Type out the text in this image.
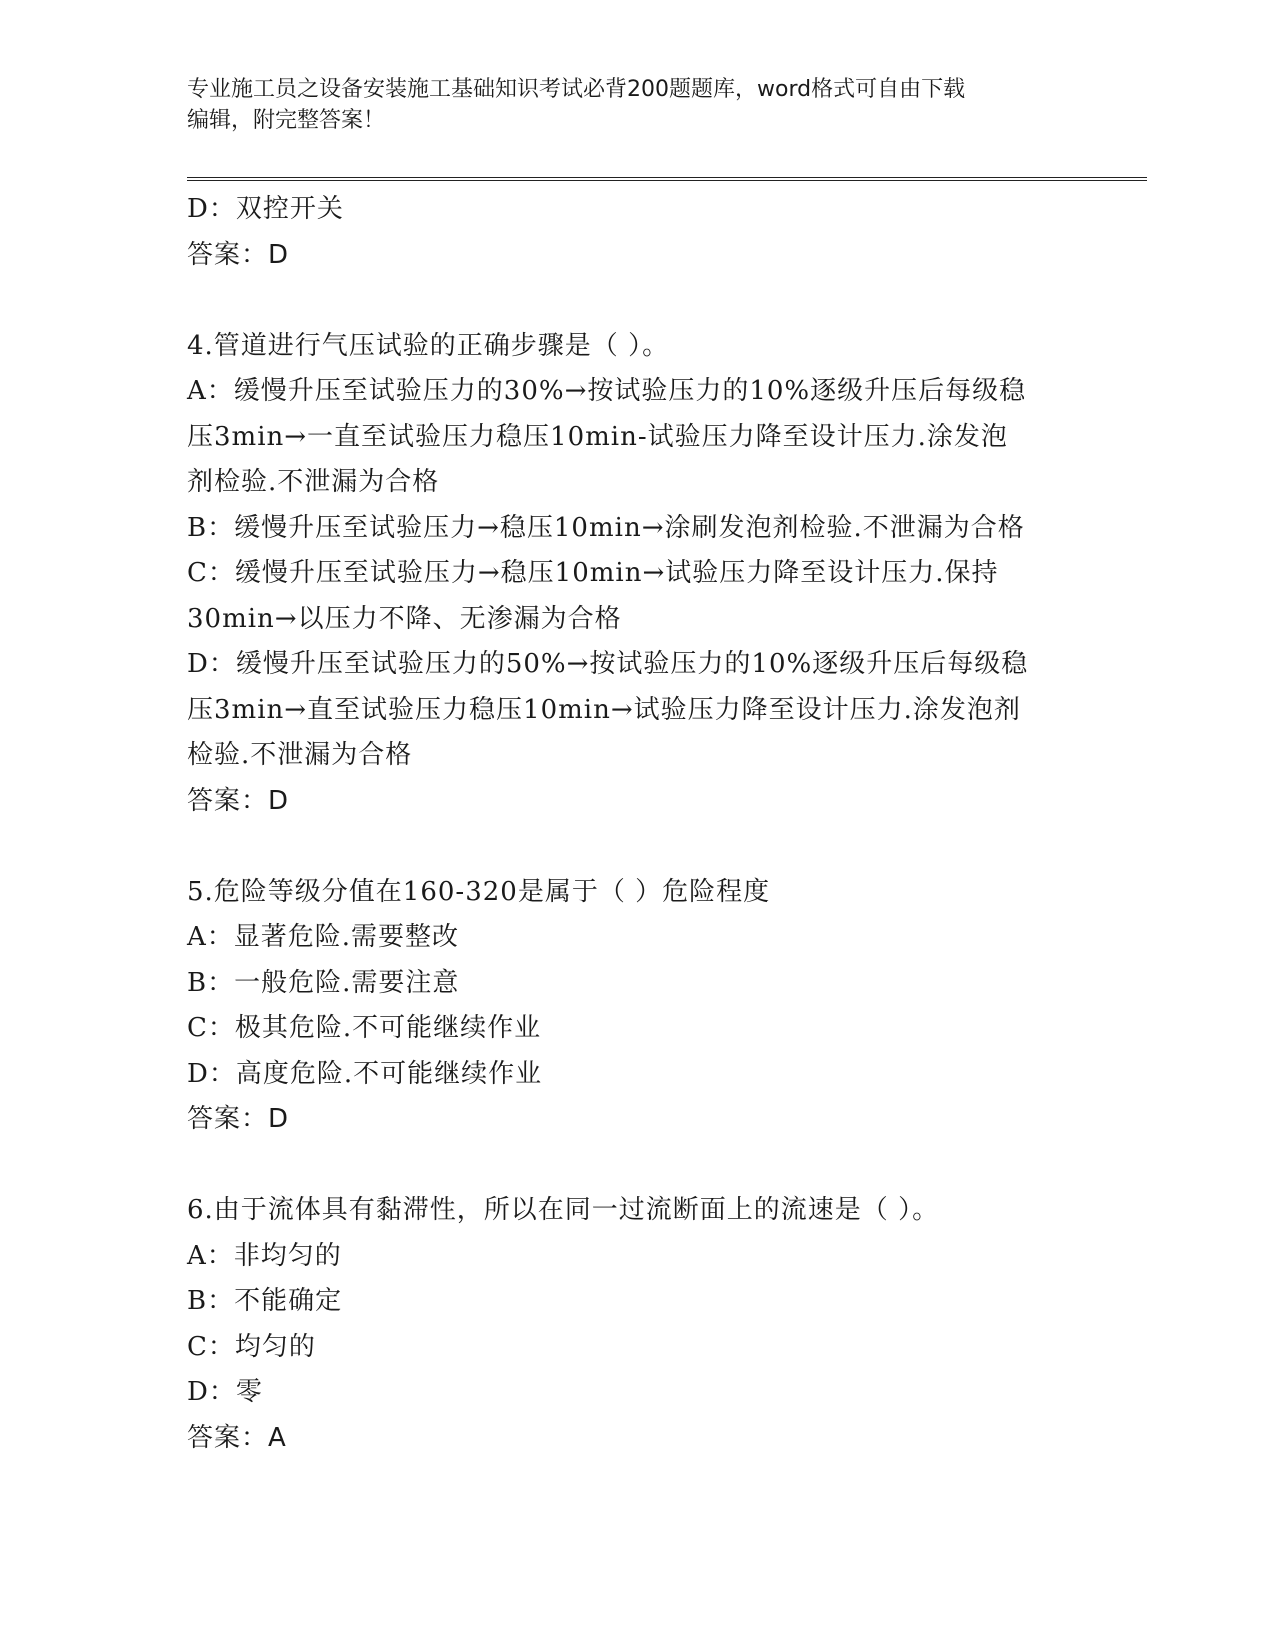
专业施工员之设备安装施工基础知识考试必背200题题库，word格式可自由下载
编辑，附完整答案！
D：双控开关
答案：D
4.管道进行气压试验的正确步骤是（ ）。
A：缓慢升压至试验压力的30%→按试验压力的10%逐级升压后每级稳
压3min→一直至试验压力稳压10min-试验压力降至设计压力.涂发泡
剂检验.不泄漏为合格
B：缓慢升压至试验压力→稳压10min→涂刷发泡剂检验.不泄漏为合格
C：缓慢升压至试验压力→稳压10min→试验压力降至设计压力.保持
30min→以压力不降、无渗漏为合格
D：缓慢升压至试验压力的50%→按试验压力的10%逐级升压后每级稳
压3min→直至试验压力稳压10min→试验压力降至设计压力.涂发泡剂
检验.不泄漏为合格
答案：D
5.危险等级分值在160-320是属于（ ）危险程度
A：显著危险.需要整改
B：一般危险.需要注意
C：极其危险.不可能继续作业
D：高度危险.不可能继续作业
答案：D
6.由于流体具有黏滞性，所以在同一过流断面上的流速是（ ）。
A：非均匀的
B：不能确定
C：均匀的
D：零
答案：A
